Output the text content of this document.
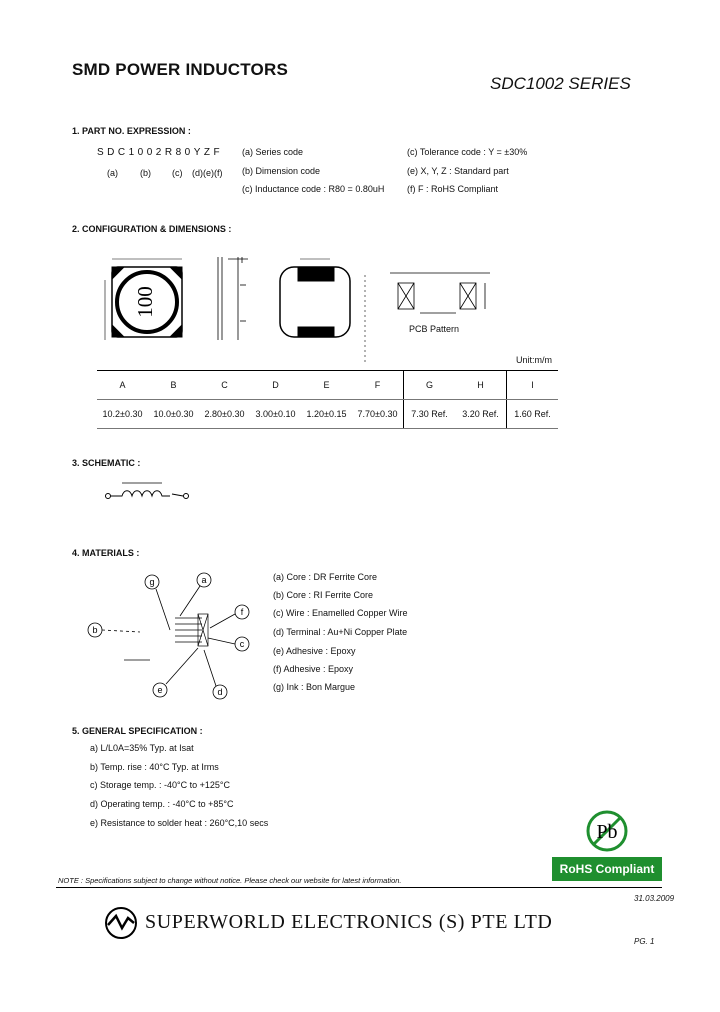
SMD POWER INDUCTORS
SDC1002 SERIES
1. PART NO. EXPRESSION :
SDC1002R80YZF
(a) (b) (c) (d)(e)(f)
(a) Series code
(b) Dimension code
(c) Inductance code : R80 = 0.80uH
(c) Tolerance code : Y = ±30%
(e) X, Y, Z : Standard part
(f) F : RoHS Compliant
2. CONFIGURATION & DIMENSIONS :
100
PCB Pattern
Unit:m/m
A	B	C	D	E	F	G	H	I
10.2±0.30	10.0±0.30	2.80±0.30	3.00±0.10	1.20±0.15	7.70±0.30	7.30 Ref.	3.20 Ref.	1.60 Ref.
3. SCHEMATIC :
4. MATERIALS :
g	a
b
f
c
e	d
(a) Core : DR Ferrite Core
(b) Core : RI Ferrite Core
(c) Wire : Enamelled Copper Wire
(d) Terminal : Au+Ni Copper Plate
(e) Adhesive : Epoxy
(f) Adhesive : Epoxy
(g) Ink : Bon Margue
5. GENERAL SPECIFICATION :
a) L/L0A=35% Typ. at Isat
b) Temp. rise : 40°C Typ. at Irms
c) Storage temp. : -40°C to +125°C
d) Operating temp. : -40°C to +85°C
e) Resistance to solder heat : 260°C,10 secs	Pb
RoHS Compliant
NOTE : Specifications subject to change without notice. Please check our website for latest information.
31.03.2009
SUPERWORLD ELECTRONICS (S) PTE LTD
PG. 1
